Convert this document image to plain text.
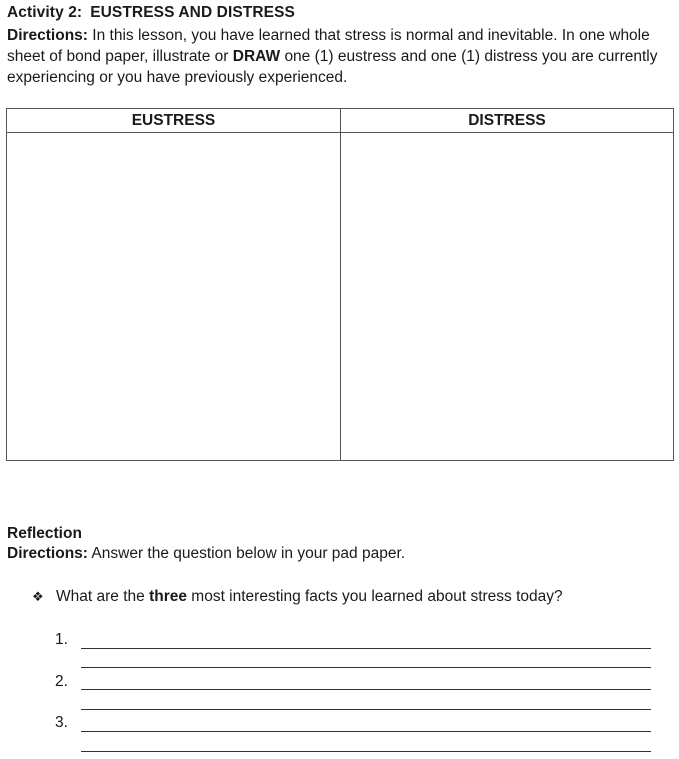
Activity 2: EUSTRESS AND DISTRESS
Directions: In this lesson, you have learned that stress is normal and inevitable. In one whole sheet of bond paper, illustrate or DRAW one (1) eustress and one (1) distress you are currently experiencing or you have previously experienced.
EUSTRESS	DISTRESS

Reflection
Directions: Answer the question below in your pad paper.
❖ What are the three most interesting facts you learned about stress today?
1.
2.
3.
